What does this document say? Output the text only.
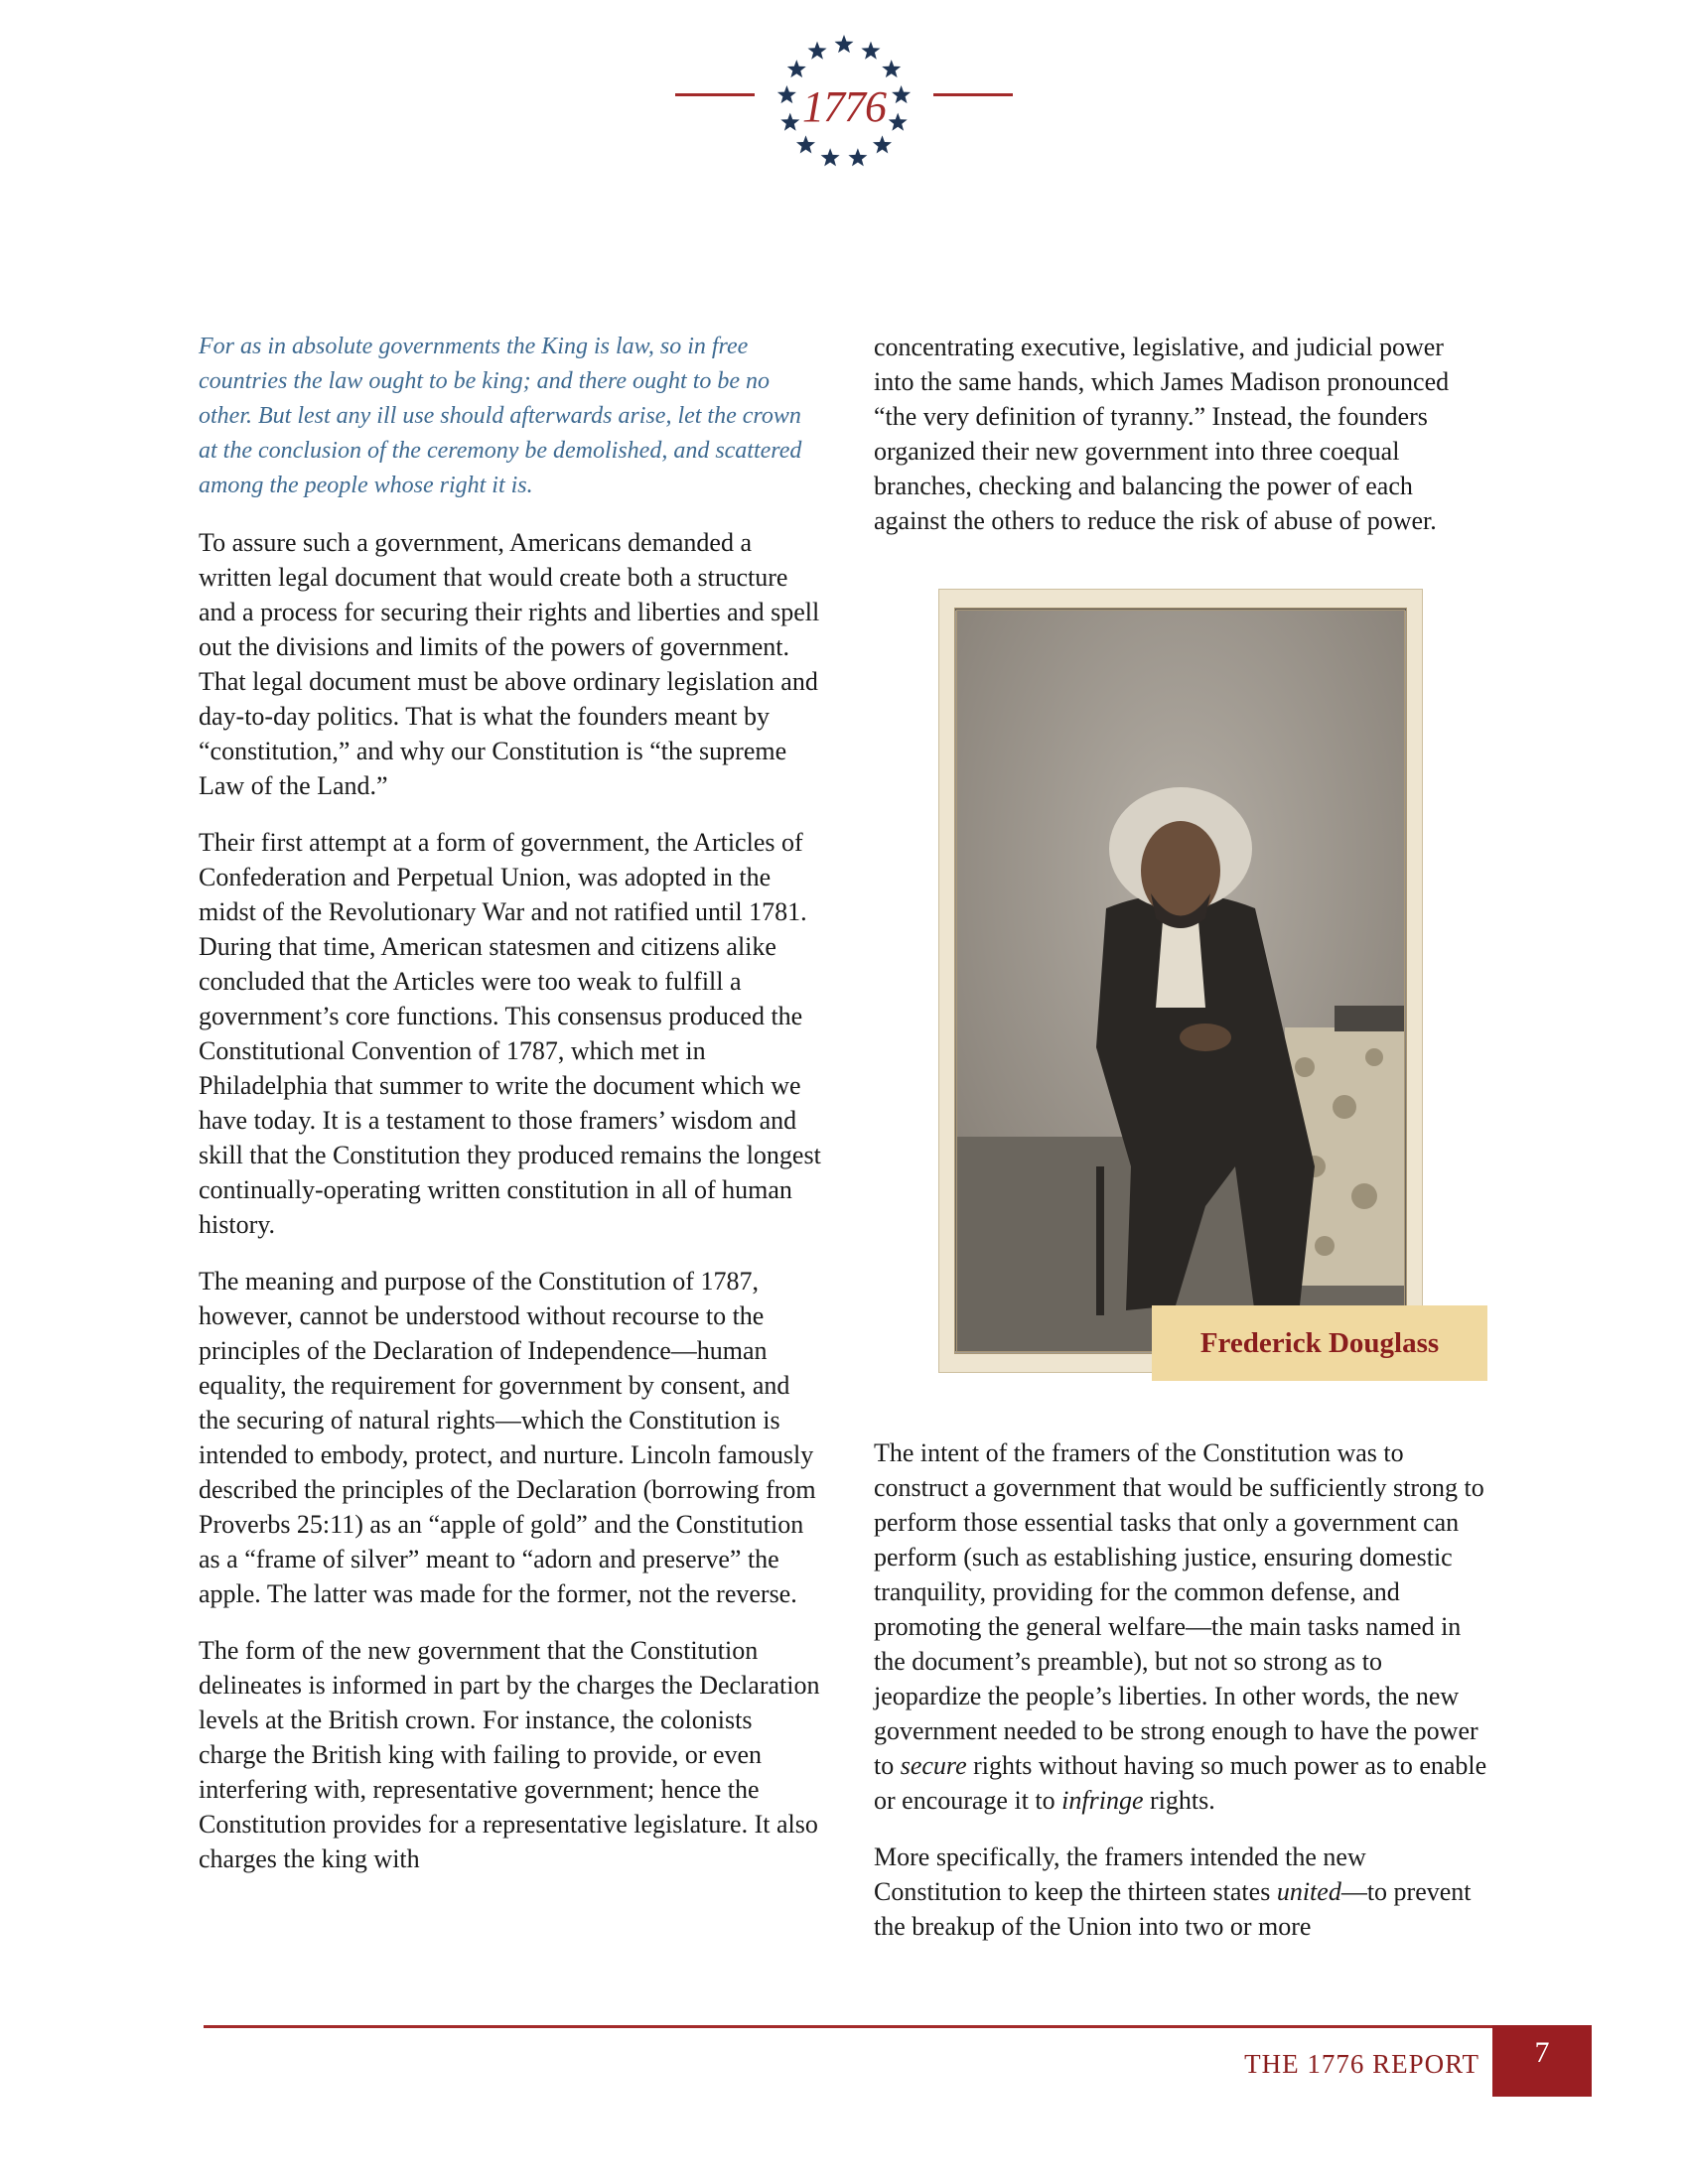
1776

For as in absolute governments the King is law, so in free countries the law ought to be king; and there ought to be no other. But lest any ill use should afterwards arise, let the crown at the conclusion of the ceremony be demolished, and scattered among the people whose right it is.

To assure such a government, Americans demanded a written legal document that would create both a structure and a process for securing their rights and liberties and spell out the divisions and limits of the powers of government. That legal document must be above ordinary legislation and day-to-day politics. That is what the founders meant by “constitution,” and why our Constitution is “the supreme Law of the Land.”

Their first attempt at a form of government, the Articles of Confederation and Perpetual Union, was adopted in the midst of the Revolutionary War and not ratified until 1781. During that time, American statesmen and citizens alike concluded that the Articles were too weak to fulfill a government’s core functions. This consensus produced the Constitutional Convention of 1787, which met in Philadelphia that summer to write the document which we have today. It is a testament to those framers’ wisdom and skill that the Constitution they produced remains the longest continually-operating written constitution in all of human history.

The meaning and purpose of the Constitution of 1787, however, cannot be understood without recourse to the principles of the Declaration of Independence—human equality, the requirement for government by consent, and the securing of natural rights—which the Constitution is intended to embody, protect, and nurture. Lincoln famously described the principles of the Declaration (borrowing from Proverbs 25:11) as an “apple of gold” and the Constitution as a “frame of silver” meant to “adorn and preserve” the apple. The latter was made for the former, not the reverse.

The form of the new government that the Constitution delineates is informed in part by the charges the Declaration levels at the British crown. For instance, the colonists charge the British king with failing to provide, or even interfering with, representative government; hence the Constitution provides for a representative legislature. It also charges the king with

concentrating executive, legislative, and judicial power into the same hands, which James Madison pronounced “the very definition of tyranny.” Instead, the founders organized their new government into three coequal branches, checking and balancing the power of each against the others to reduce the risk of abuse of power.

Frederick Douglass

The intent of the framers of the Constitution was to construct a government that would be sufficiently strong to perform those essential tasks that only a government can perform (such as establishing justice, ensuring domestic tranquility, providing for the common defense, and promoting the general welfare—the main tasks named in the document’s preamble), but not so strong as to jeopardize the people’s liberties. In other words, the new government needed to be strong enough to have the power to secure rights without having so much power as to enable or encourage it to infringe rights.

More specifically, the framers intended the new Constitution to keep the thirteen states united—to prevent the breakup of the Union into two or more

THE 1776 REPORT	7
